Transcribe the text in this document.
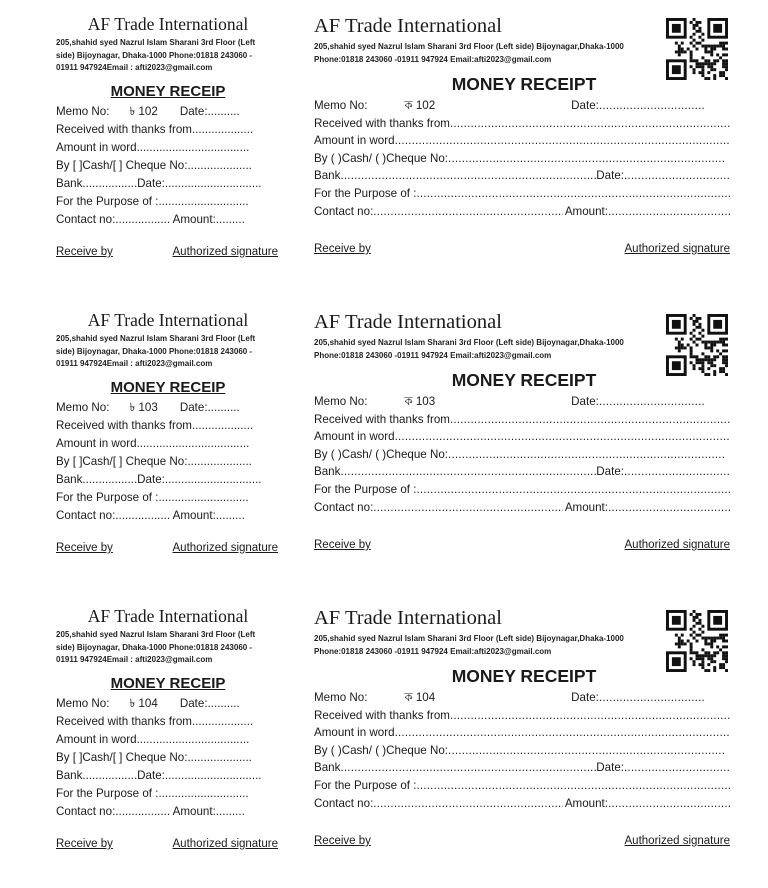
AF Trade International
205,shahid syed Nazrul Islam Sharani 3rd Floor (Left
side) Bijoynagar, Dhaka-1000 Phone:01818 243060 -
01911 947924Email : afti2023@gmail.com
MONEY RECEIP
Memo No: ৳ 102 Date:..........
Received with thanks from...................
Amount in word...................................
By [ ]Cash/[ ] Cheque No:....................
Bank.................Date:..............................
For the Purpose of :............................
Contact no:................. Amount:.........
Receive by	Authorized signature
AF Trade International
205,shahid syed Nazrul Islam Sharani 3rd Floor (Left side) Bijoynagar,Dhaka-1000
Phone:01818 243060 -01911 947924 Email:afti2023@gmail.com
MONEY RECEIPT
Memo No:	ক 102	Date:
.....
Received with thanks from
.....
Amount in word
.....
By ( )Cash/ ( )Cheque No:
.....
Bank .....	Date:
.....
For the Purpose of :
.....
Contact no: .....	Amount:
.....
Receive by	Authorized signature
AF Trade International
205,shahid syed Nazrul Islam Sharani 3rd Floor (Left
side) Bijoynagar, Dhaka-1000 Phone:01818 243060 -
01911 947924Email : afti2023@gmail.com
MONEY RECEIP
Memo No: ৳ 103 Date:..........
Received with thanks from...................
Amount in word...................................
By [ ]Cash/[ ] Cheque No:....................
Bank.................Date:..............................
For the Purpose of :............................
Contact no:................. Amount:.........
Receive by	Authorized signature
AF Trade International
205,shahid syed Nazrul Islam Sharani 3rd Floor (Left side) Bijoynagar,Dhaka-1000
Phone:01818 243060 -01911 947924 Email:afti2023@gmail.com
MONEY RECEIPT
Memo No:	ক 103	Date:
.....
Received with thanks from
.....
Amount in word
.....
By ( )Cash/ ( )Cheque No:
.....
Bank .....	Date:
.....
For the Purpose of :
.....
Contact no: .....	Amount:
.....
Receive by	Authorized signature
AF Trade International
205,shahid syed Nazrul Islam Sharani 3rd Floor (Left
side) Bijoynagar, Dhaka-1000 Phone:01818 243060 -
01911 947924Email : afti2023@gmail.com
MONEY RECEIP
Memo No: ৳ 104 Date:..........
Received with thanks from...................
Amount in word...................................
By [ ]Cash/[ ] Cheque No:....................
Bank.................Date:..............................
For the Purpose of :............................
Contact no:................. Amount:.........
Receive by	Authorized signature
AF Trade International
205,shahid syed Nazrul Islam Sharani 3rd Floor (Left side) Bijoynagar,Dhaka-1000
Phone:01818 243060 -01911 947924 Email:afti2023@gmail.com
MONEY RECEIPT
Memo No:	ক 104	Date:
.....
Received with thanks from
.....
Amount in word
.....
By ( )Cash/ ( )Cheque No:
.....
Bank .....	Date:
.....
For the Purpose of :
.....
Contact no: .....	Amount:
.....
Receive by	Authorized signature
